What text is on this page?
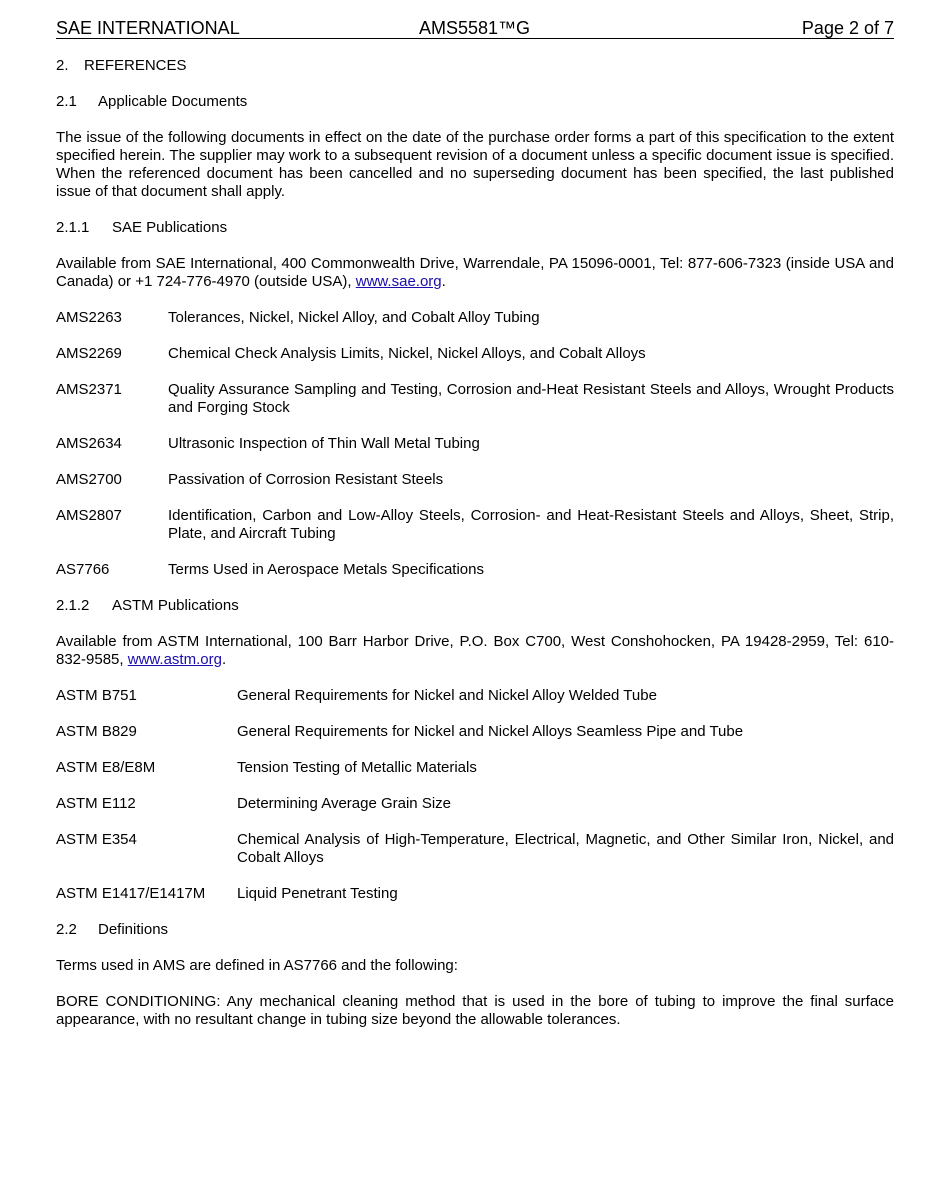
SAE INTERNATIONAL	AMS5581™G	Page 2 of 7
2. REFERENCES
2.1 Applicable Documents

The issue of the following documents in effect on the date of the purchase order forms a part of this specification to the extent specified herein. The supplier may work to a subsequent revision of a document unless a specific document issue is specified. When the referenced document has been cancelled and no superseding document has been specified, the last published issue of that document shall apply.

2.1.1 SAE Publications

Available from SAE International, 400 Commonwealth Drive, Warrendale, PA 15096-0001, Tel: 877-606-7323 (inside USA and Canada) or +1 724-776-4970 (outside USA), www.sae.org.

AMS2263	Tolerances, Nickel, Nickel Alloy, and Cobalt Alloy Tubing
AMS2269	Chemical Check Analysis Limits, Nickel, Nickel Alloys, and Cobalt Alloys
AMS2371	Quality Assurance Sampling and Testing, Corrosion and-Heat Resistant Steels and Alloys, Wrought Products and Forging Stock
AMS2634	Ultrasonic Inspection of Thin Wall Metal Tubing
AMS2700	Passivation of Corrosion Resistant Steels
AMS2807	Identification, Carbon and Low-Alloy Steels, Corrosion- and Heat-Resistant Steels and Alloys, Sheet, Strip, Plate, and Aircraft Tubing
AS7766	Terms Used in Aerospace Metals Specifications
2.1.2 ASTM Publications

Available from ASTM International, 100 Barr Harbor Drive, P.O. Box C700, West Conshohocken, PA 19428-2959, Tel: 610-832-9585, www.astm.org.

ASTM B751	General Requirements for Nickel and Nickel Alloy Welded Tube
ASTM B829	General Requirements for Nickel and Nickel Alloys Seamless Pipe and Tube
ASTM E8/E8M	Tension Testing of Metallic Materials
ASTM E112	Determining Average Grain Size
ASTM E354	Chemical Analysis of High-Temperature, Electrical, Magnetic, and Other Similar Iron, Nickel, and Cobalt Alloys
ASTM E1417/E1417M	Liquid Penetrant Testing
2.2 Definitions

Terms used in AMS are defined in AS7766 and the following:

BORE CONDITIONING: Any mechanical cleaning method that is used in the bore of tubing to improve the final surface appearance, with no resultant change in tubing size beyond the allowable tolerances.
